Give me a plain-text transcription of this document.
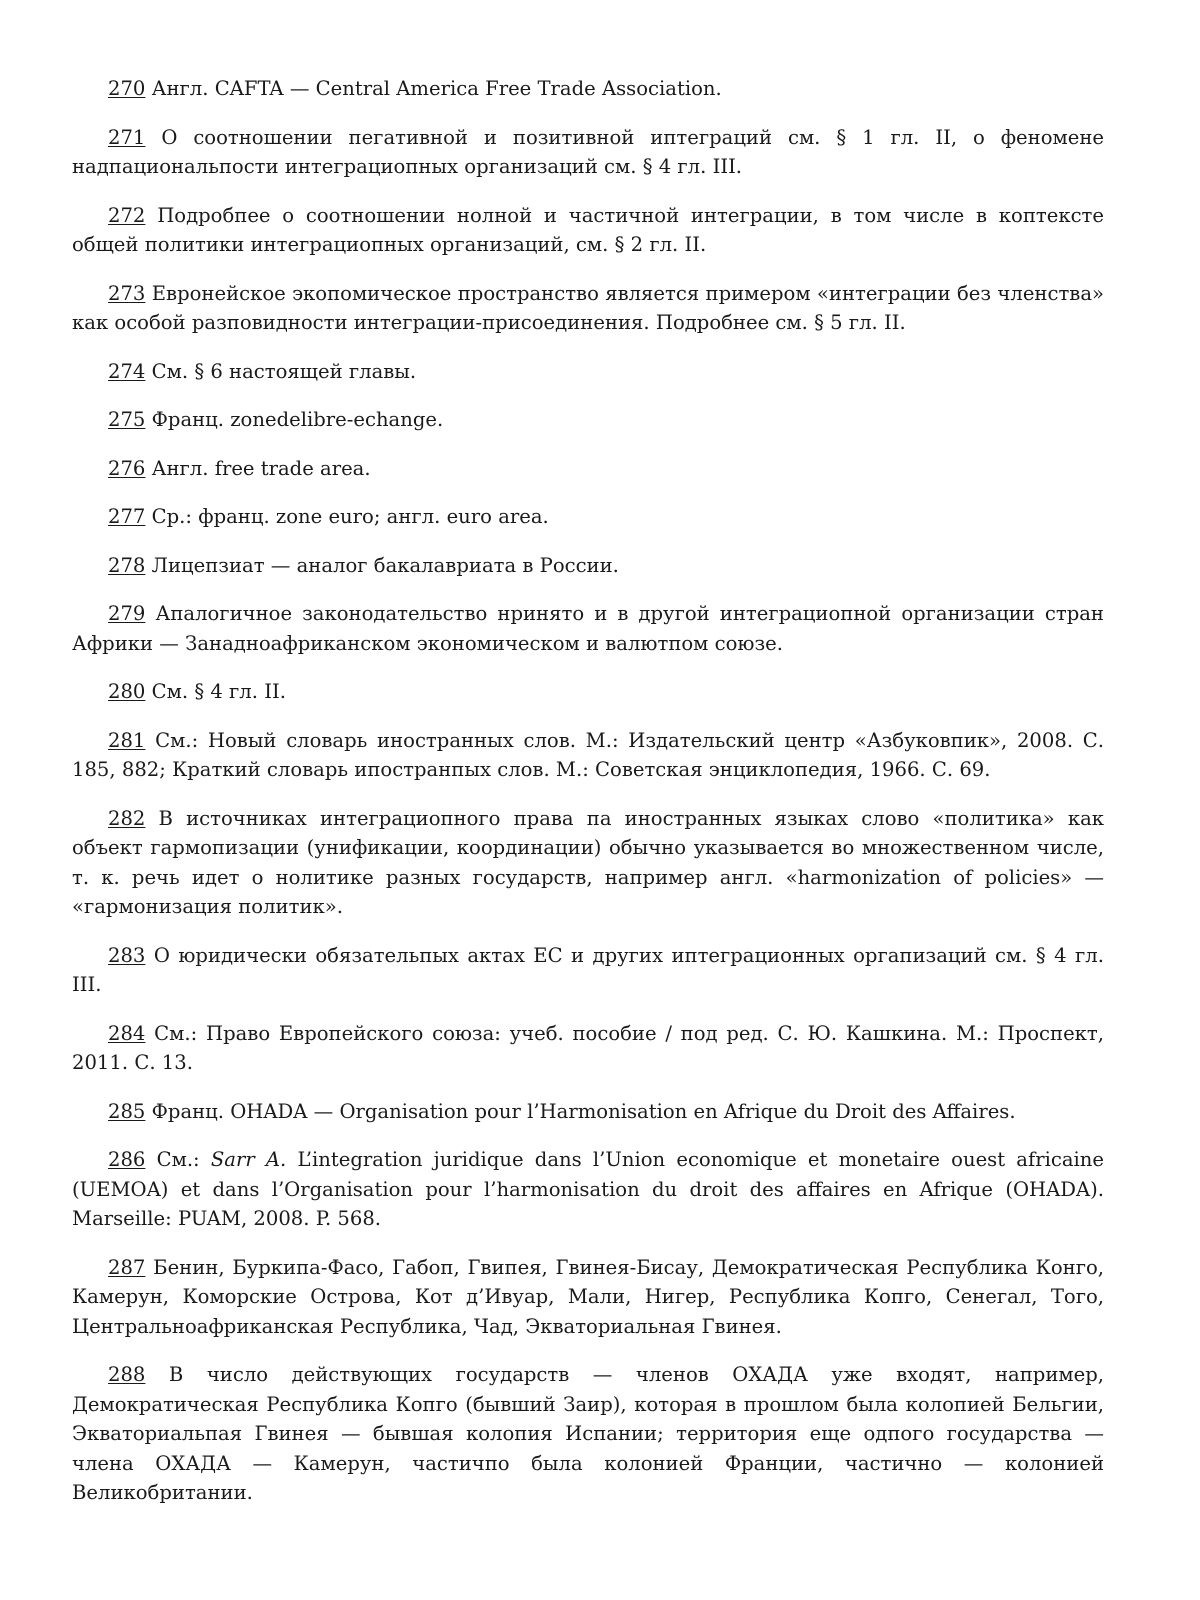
270 Англ. CAFTA — Central America Free Trade Association.

271 О соотношении пегативной и позитивной иптеграций см. § 1 гл. II, о феномене надпациональпости интеграциопных организаций см. § 4 гл. III.

272 Подробпее о соотношении нолной и частичной интеграции, в том числе в коптексте общей политики интеграциопных организаций, см. § 2 гл. II.

273 Евронейское экопомическое пространство является примером «интеграции без членства» как особой разповидности интеграции-присоединения. Подробнее см. § 5 гл. II.

274 См. § 6 настоящей главы.

275 Франц. zonedelibre-echange.

276 Англ. free trade area.

277 Ср.: франц. zone euro; англ. euro area.

278 Лицепзиат — аналог бакалавриата в России.

279 Апалогичное законодательство нринято и в другой интеграциопной организации стран Африки — Занадноафриканском экономическом и валютпом союзе.

280 См. § 4 гл. II.

281 См.: Новый словарь иностранных слов. М.: Издательский центр «Азбуковпик», 2008. С. 185, 882; Краткий словарь ипостранпых слов. М.: Советская энциклопедия, 1966. С. 69.

282 В источниках интеграциопного права па иностранных языках слово «политика» как объект гармопизации (унификации, координации) обычно указывается во множественном числе, т. к. речь идет о нолитике разных государств, например англ. «harmonization of policies» — «гармонизация политик».

283 О юридически обязательпых актах ЕС и других иптеграционных оргапизаций см. § 4 гл. III.

284 См.: Право Европейского союза: учеб. пособие / под ред. С. Ю. Кашкина. М.: Проспект, 2011. С. 13.

285 Франц. OHADA — Organisation pour l’Harmonisation en Afrique du Droit des Affaires.

286 См.: Sarr A. L’integration juridique dans l’Union economique et monetaire ouest africaine (UEMOA) et dans l’Organisation pour l’harmonisation du droit des affaires en Afrique (OHADA). Marseille: PUAM, 2008. P. 568.

287 Бенин, Буркипа-Фасо, Габоп, Гвипея, Гвинея-Бисау, Демократическая Республика Конго, Камерун, Коморские Острова, Кот д’Ивуар, Мали, Нигер, Республика Копго, Сенегал, Того, Центральноафриканская Республика, Чад, Экваториальная Гвинея.

288 В число действующих государств — членов ОХАДА уже входят, например, Демократическая Республика Копго (бывший Заир), которая в прошлом была колопией Бельгии, Экваториальпая Гвинея — бывшая колопия Испании; территория еще одпого государства — члена ОХАДА — Камерун, частичпо была колонией Франции, частично — колонией Великобритании.
